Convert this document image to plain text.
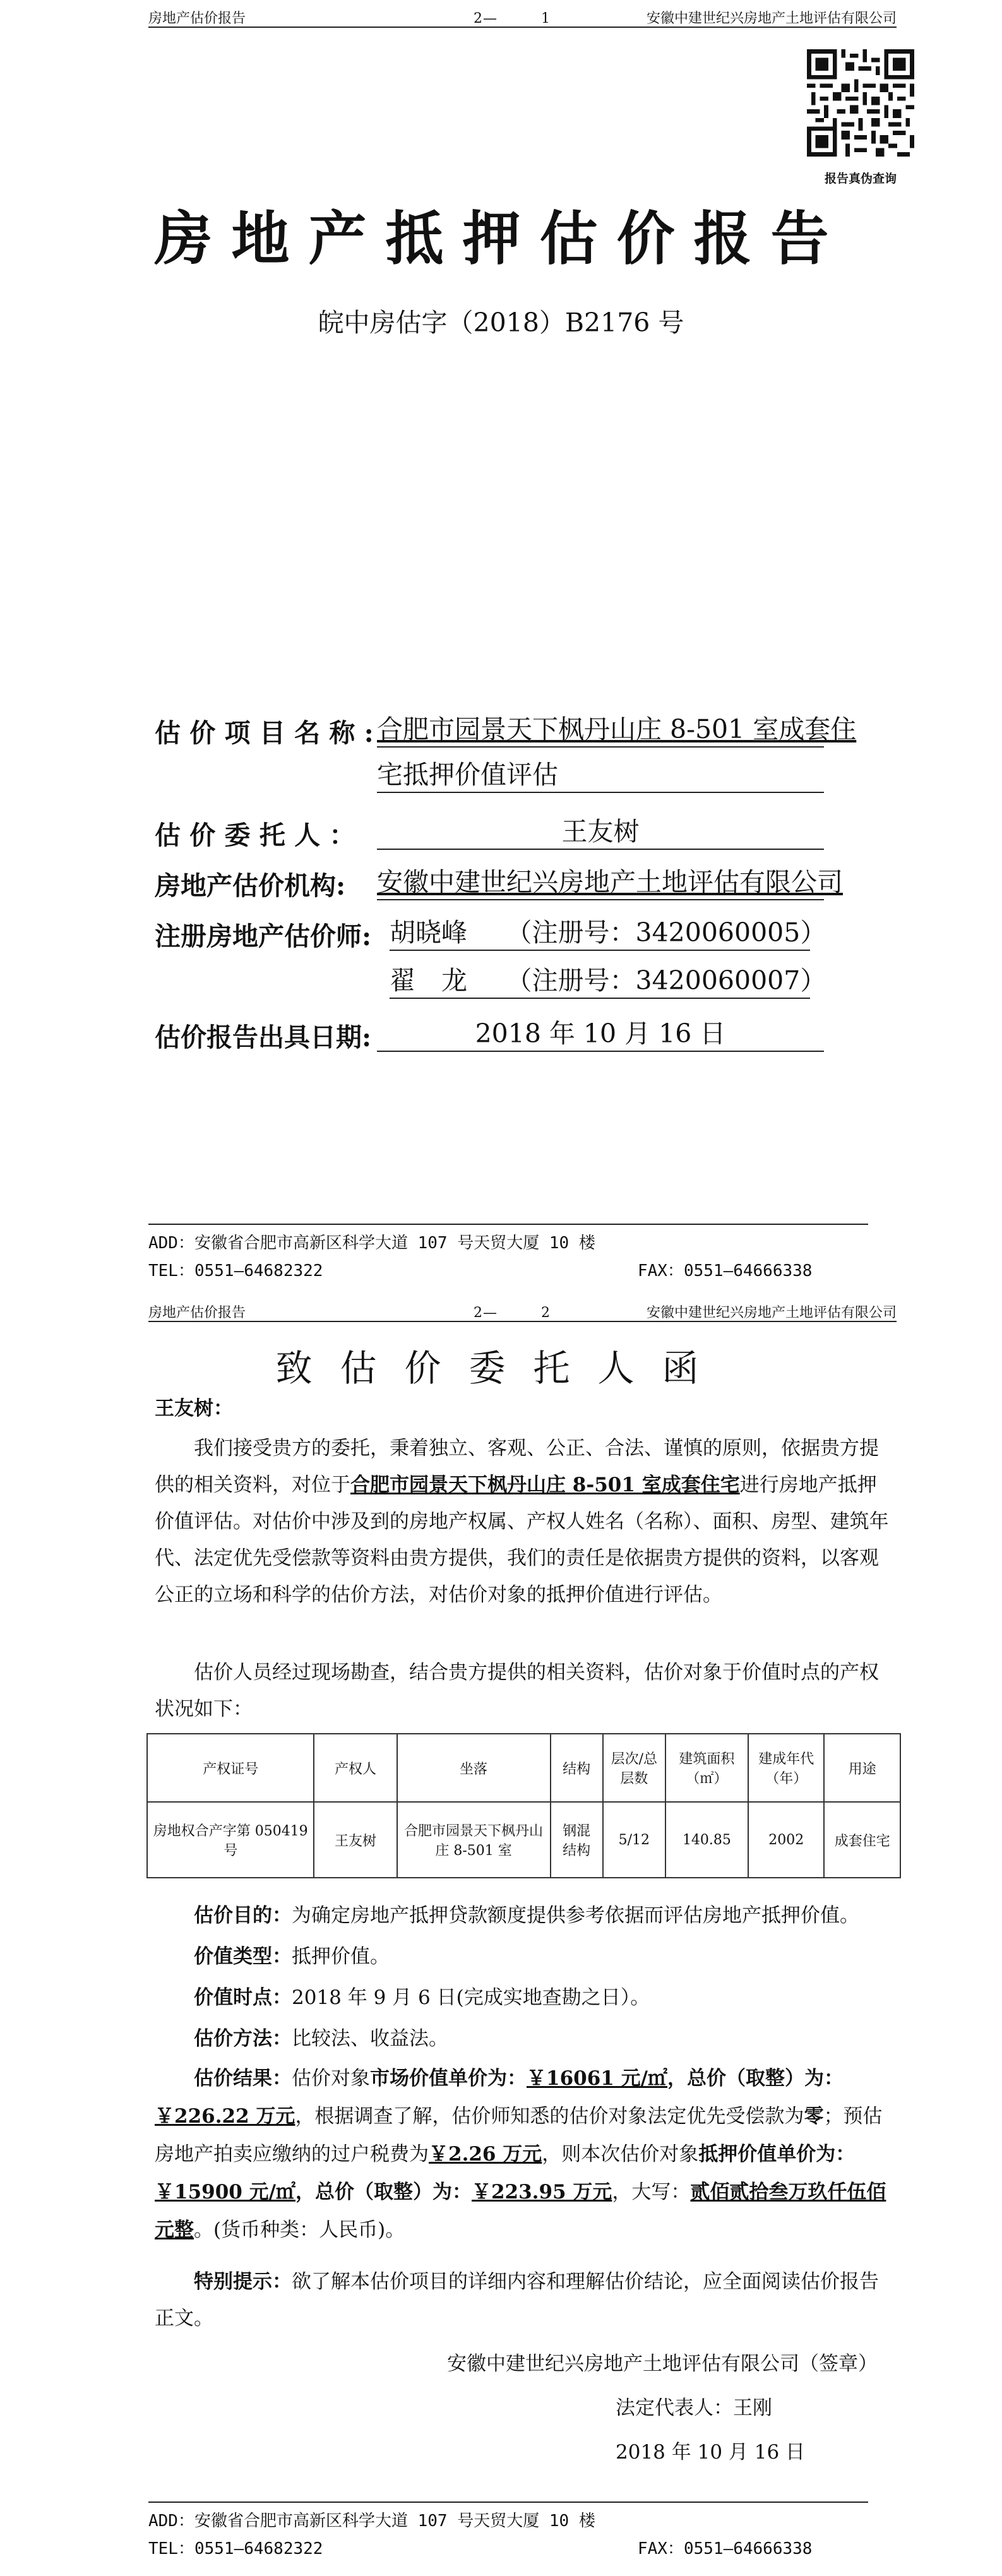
房地产估价报告	2—　　　1	安徽中建世纪兴房地产土地评估有限公司
报告真伪查询
房地产抵押估价报告
皖中房估字（2018）B2176 号
估 价 项 目 名 称 : 合肥市园景天下枫丹山庄 8-501 室成套住
宅抵押价值评估
估 价 委 托 人 ：	王友树
房地产估价机构: 安徽中建世纪兴房地产土地评估有限公司
注册房地产估价师: 胡晓峰　　（注册号：3420060005）
翟　龙　　（注册号：3420060007）
估价报告出具日期:	2018 年 10 月 16 日
ADD：安徽省合肥市高新区科学大道 107 号天贸大厦 10 楼
TEL：0551—64682322	FAX：0551—64666338
房地产估价报告	2—　　　2	安徽中建世纪兴房地产土地评估有限公司
致估价委托人函
王友树：
我们接受贵方的委托，秉着独立、客观、公正、合法、谨慎的原则，依据贵方提供的相关资料，对位于合肥市园景天下枫丹山庄 8-501 室成套住宅进行房地产抵押价值评估。对估价中涉及到的房地产权属、产权人姓名（名称）、面积、房型、建筑年代、法定优先受偿款等资料由贵方提供，我们的责任是依据贵方提供的资料，以客观公正的立场和科学的估价方法，对估价对象的抵押价值进行评估。
估价人员经过现场勘查，结合贵方提供的相关资料，估价对象于价值时点的产权状况如下：
产权证号	产权人	坐落	结构	层次/总层数	建筑面积（㎡）	建成年代（年）	用途
房地权合产字第 050419 号	王友树	合肥市园景天下枫丹山庄 8-501 室	钢混结构	5/12	140.85	2002	成套住宅
估价目的：为确定房地产抵押贷款额度提供参考依据而评估房地产抵押价值。
价值类型：抵押价值。
价值时点：2018 年 9 月 6 日(完成实地查勘之日）。
估价方法：比较法、收益法。
估价结果：估价对象市场价值单价为：￥16061 元/㎡，总价（取整）为：￥226.22 万元，根据调查了解，估价师知悉的估价对象法定优先受偿款为零；预估房地产拍卖应缴纳的过户税费为￥2.26 万元，则本次估价对象抵押价值单价为：￥15900 元/㎡，总价（取整）为：￥223.95 万元，大写：贰佰贰拾叁万玖仟伍佰元整。(货币种类：人民币)。
特别提示：欲了解本估价项目的详细内容和理解估价结论，应全面阅读估价报告正文。
安徽中建世纪兴房地产土地评估有限公司（签章）
法定代表人：王刚
2018 年 10 月 16 日
ADD：安徽省合肥市高新区科学大道 107 号天贸大厦 10 楼
TEL：0551—64682322	FAX：0551—64666338
